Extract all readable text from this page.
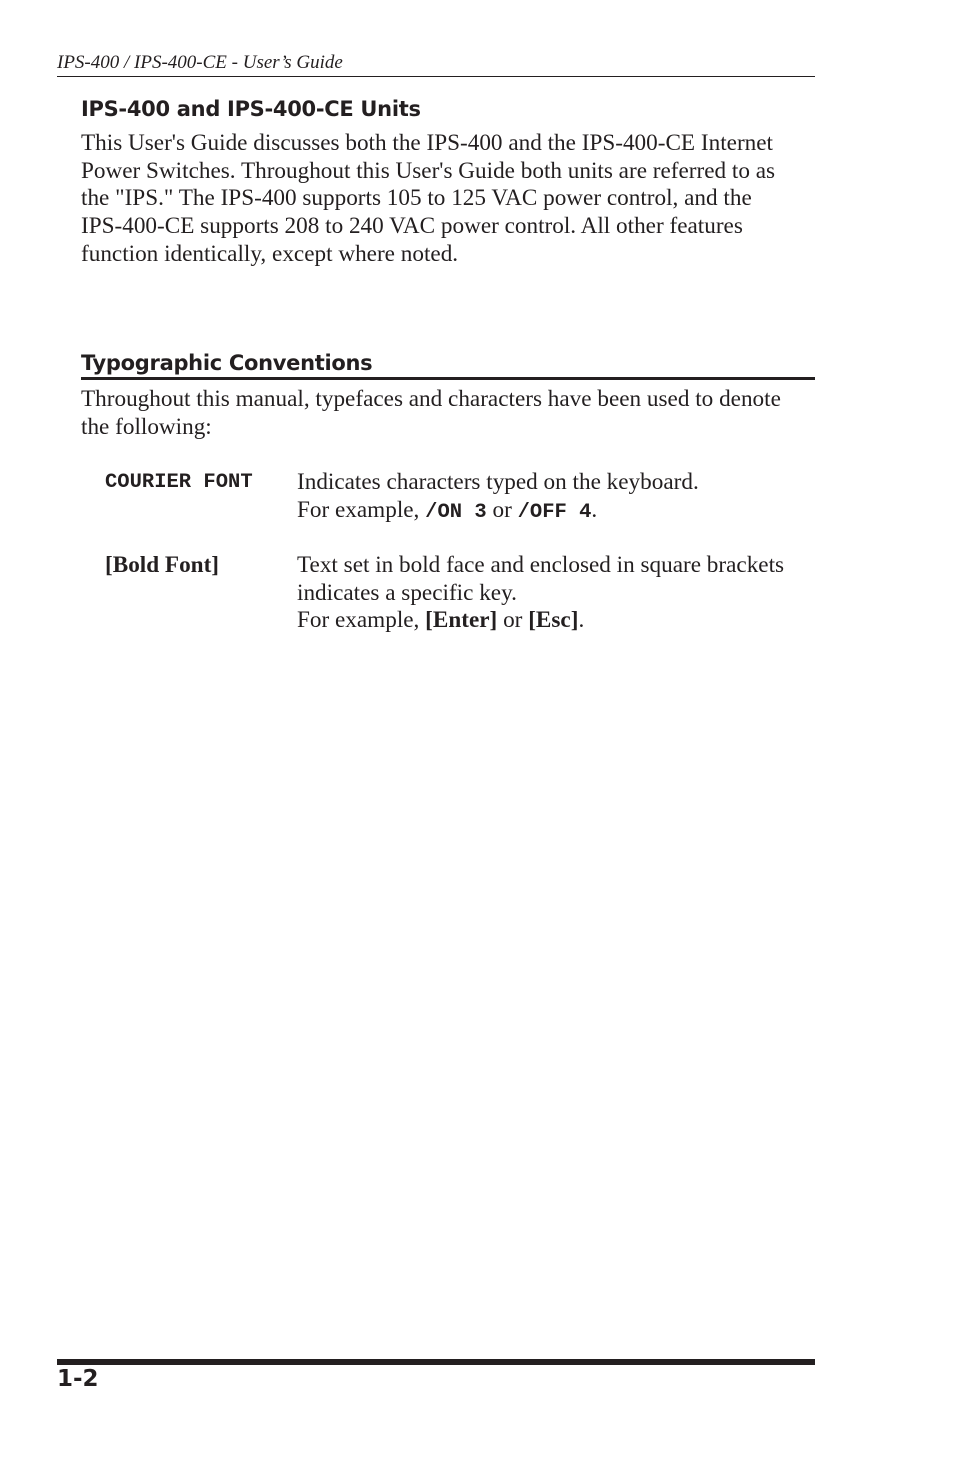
IPS-400 / IPS-400-CE - User’s Guide
IPS-400 and IPS-400-CE Units
This User's Guide discusses both the IPS-400 and the IPS-400-CE Internet
Power Switches. Throughout this User's Guide both units are referred to as
the "IPS." The IPS-400 supports 105 to 125 VAC power control, and the
IPS-400-CE supports 208 to 240 VAC power control. All other features
function identically, except where noted.
Typographic Conventions
Throughout this manual, typefaces and characters have been used to denote
the following:
COURIER FONT Indicates characters typed on the keyboard.
For example, /ON 3 or /OFF 4.
[Bold Font]	Text set in bold face and enclosed in square brackets
indicates a specific key.
For example, [Enter] or [Esc].
1-2
